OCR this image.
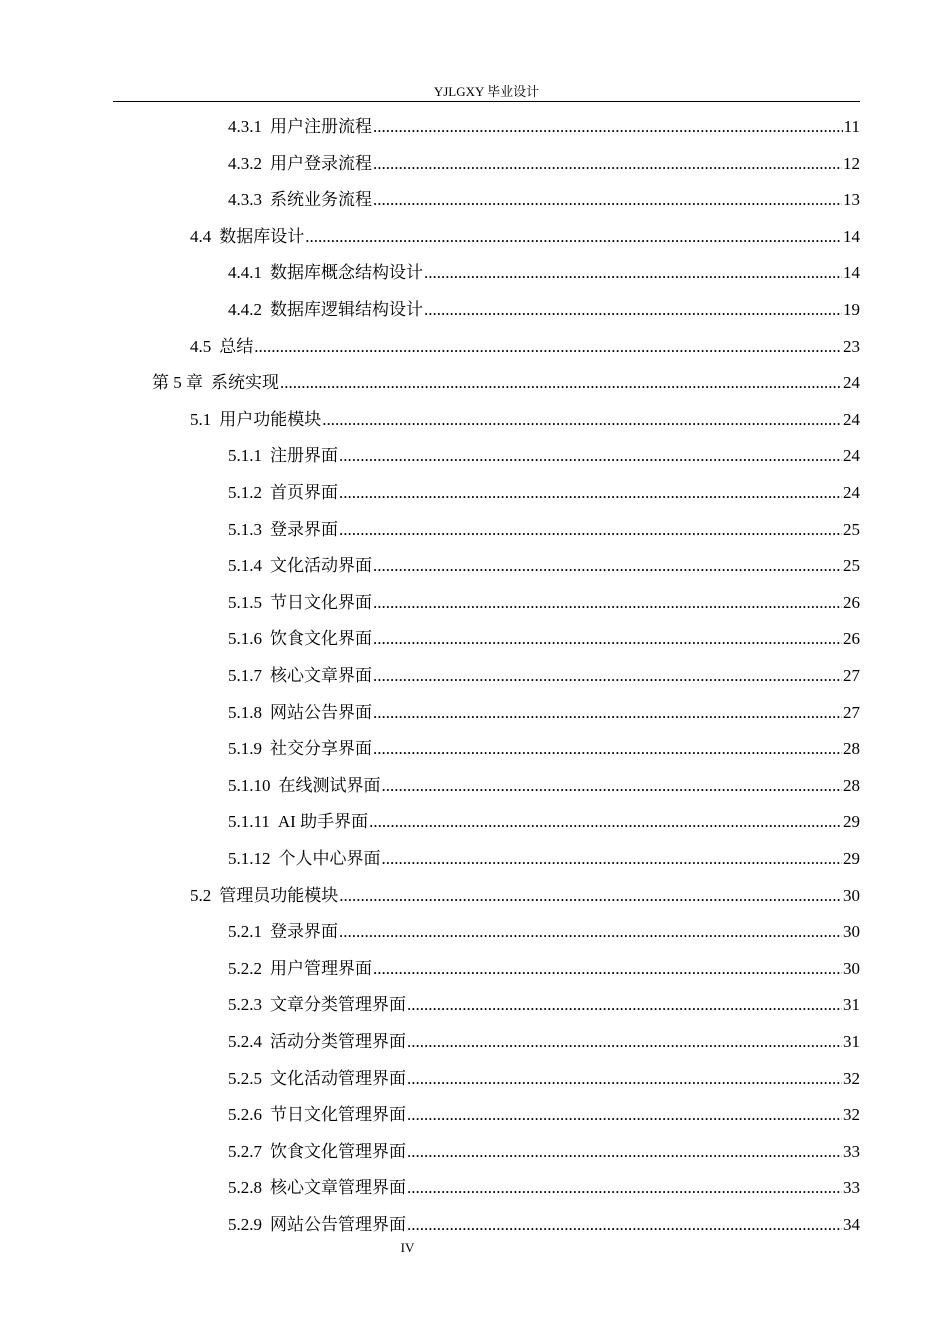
YJLGXY 毕业设计
4.3.1 用户注册流程 .....	11
4.3.2 用户登录流程 .....	12
4.3.3 系统业务流程 .....	13
4.4 数据库设计 .....	14
4.4.1 数据库概念结构设计 .....	14
4.4.2 数据库逻辑结构设计 .....	19
4.5 总结 .....	23
第 5 章 系统实现 .....	24
5.1 用户功能模块 .....	24
5.1.1 注册界面 .....	24
5.1.2 首页界面 .....	24
5.1.3 登录界面 .....	25
5.1.4 文化活动界面 .....	25
5.1.5 节日文化界面 .....	26
5.1.6 饮食文化界面 .....	26
5.1.7 核心文章界面 .....	27
5.1.8 网站公告界面 .....	27
5.1.9 社交分享界面 .....	28
5.1.10 在线测试界面 .....	28
5.1.11 AI 助手界面 .....	29
5.1.12 个人中心界面 .....	29
5.2 管理员功能模块 .....	30
5.2.1 登录界面 .....	30
5.2.2 用户管理界面 .....	30
5.2.3 文章分类管理界面 .....	31
5.2.4 活动分类管理界面 .....	31
5.2.5 文化活动管理界面 .....	32
5.2.6 节日文化管理界面 .....	32
5.2.7 饮食文化管理界面 .....	33
5.2.8 核心文章管理界面 .....	33
5.2.9 网站公告管理界面 .....	34
IV
